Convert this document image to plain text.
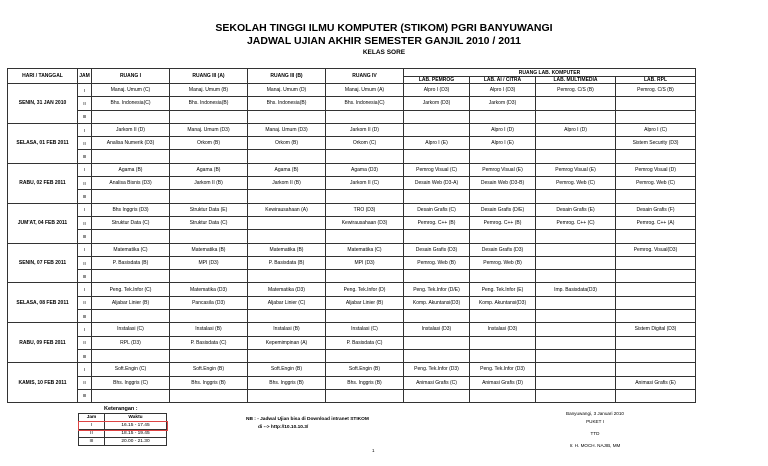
SEKOLAH TINGGI ILMU KOMPUTER (STIKOM) PGRI BANYUWANGI
JADWAL UJIAN AKHIR SEMESTER GANJIL 2010 / 2011
KELAS SORE
HARI / TANGGAL	JAM	RUANG I	RUANG III (A)	RUANG III (B)	RUANG IV	RUANG LAB. KOMPUTER			
						LAB. PEMROG	LAB. AI / CITRA	LAB. MULTIMEDIA	LAB. RPL
SENIN, 31 JAN 2010	I	Manaj. Umum (C)	Manaj. Umum (B)	Manaj. Umum (D)	Manaj. Umum (A)	Alpro I (D3)	Alpro I (D3)	Pemrog. C/S (B)	Pemrog. C/S (B)
	II	Bhs. Indonesia(C)	Bhs. Indonesia(B)	Bhs. Indonesia(B)	Bhs. Indonesia(C)	Jarkom (D3)	Jarkom (D3)		
	III								
SELASA, 01 FEB 2011	I	Jarkom II (D)	Manaj. Umum (D3)	Manaj. Umum (D3)	Jarkom II (D)		Alpro I (D)	Alpro I (D)	Alpro I (C)
	II	Analisa Numerik (D3)	Orkom (B)	Orkom (B)	Orkom (C)	Alpro I (E)	Alpro I (E)		Sistem Security (D3)
	III								
RABU, 02 FEB 2011	I	Agama (B)	Agama (B)	Agama (B)	Agama (D3)	Pemrog Visual (C)	Pemrog Visual (E)	Pemrog Visual (E)	Pemrog Visual (D)
	II	Analisa Bisnis (D3)	Jarkom II (B)	Jarkom II (B)	Jarkom II (C)	Desain Web (D3-A)	Desain Web (D3-B)	Pemrog. Web (C)	Pemrog. Web (C)
	III								
JUM'AT, 04 FEB 2011	I	Bhs Inggris (D3)	Struktur Data (E)	Kewirausahaan (A)	TRO (D3)	Desain Grafis (C)	Desain Grafis (D/E)	Desain Grafis (E)	Desain Grafis (F)
	II	Struktur Data (C)	Struktur Data (C)		Kewirausahaan (D3)	Pemrog. C++ (B)	Pemrog. C++ (B)	Pemrog. C++ (C)	Pemrog. C++ (A)
	III								
SENIN, 07 FEB 2011	I	Matematika (C)	Matematika (B)	Matematika (B)	Matematika (C)	Desain Grafis (D3)	Desain Grafis (D3)		Pemrog. Visual(D3)
	II	P. Basisdata (B)	MPI (D3)	P. Basisdata (B)	MPI (D3)	Pemrog. Web (B)	Pemrog. Web (B)		
	III								
SELASA, 08 FEB 2011	I	Peng. Tek.Infor (C)	Matematika (D3)	Matematika (D3)	Peng. Tek.Infor (D)	Peng. Tek.Infor (D/E)	Peng. Tek.Infor (E)	Imp. Basisdata(D3)	
	II	Aljabar Linier (B)	Pancasila (D3)	Aljabar Linier (C)	Aljabar Linier (B)	Komp. Akuntansi(D3)	Komp. Akuntansi(D3)		
	III								
RABU, 09 FEB 2011	I	Instalasi (C)	Instalasi (B)	Instalasi (B)	Instalasi (C)	Instalasi (D3)	Instalasi (D3)		Sistem Digital (D3)
	II	RPL (D3)	P. Basisdata (C)	Kepemimpinan (A)	P. Basisdata (C)				
	III								
KAMIS, 10 FEB 2011	I	Soft.Engin (C)	Soft.Engin (B)	Soft.Engin (B)	Soft.Engin (B)	Peng. Tek.Infor (D3)	Peng. Tek.Infor (D3)		
	II	Bhs. Inggris (C)	Bhs. Inggris (B)	Bhs. Inggris (B)	Bhs. Inggris (B)	Animasi Grafis (C)	Animasi Grafis (D)		Animasi Grafis (E)
	III								
Keterangan :
Jam	Waktu
I	16.15 - 17.45
II	18.15 - 19.45
III	20.00 - 21.30
NB : - Jadwal Ujian bisa di Download intranet STIKOM
di --> http://10.10.10.3/
Banyuwangi, 3 Januari 2010
PUKET I
TTD
Ir. H. MOCH. NAJIB, MM
1
